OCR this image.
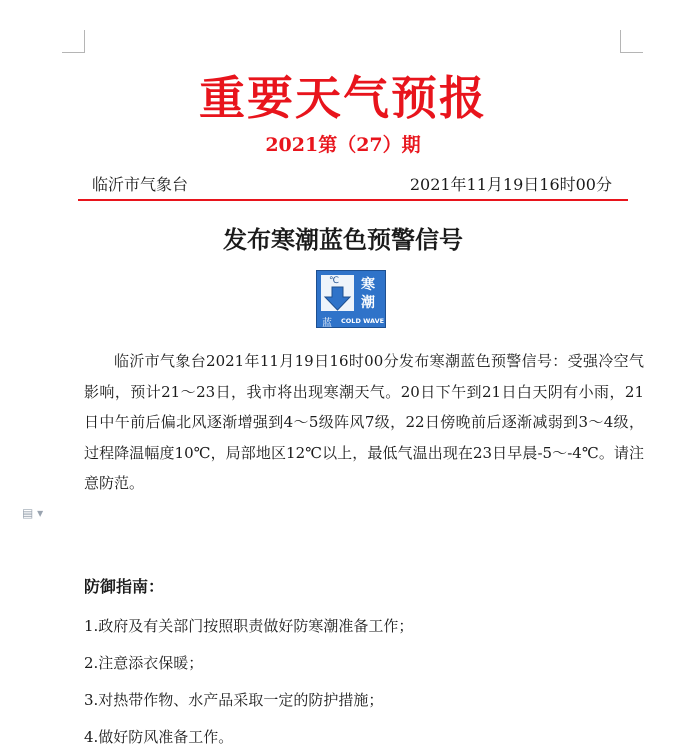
重要天气预报
2021第（27）期
临沂市气象台	2021年11月19日16时00分
发布寒潮蓝色预警信号
℃ 寒
潮
蓝 COLD WAVE

临沂市气象台2021年11月19日16时00分发布寒潮蓝色预警信号：受强冷空气影响，预计21～23日，我市将出现寒潮天气。20日下午到21日白天阴有小雨，21日中午前后偏北风逐渐增强到4～5级阵风7级，22日傍晚前后逐渐减弱到3～4级，过程降温幅度10℃，局部地区12℃以上，最低气温出现在23日早晨-5～-4℃。请注意防范。

▤ ▾
防御指南：
1.政府及有关部门按照职责做好防寒潮准备工作；
2.注意添衣保暖；
3.对热带作物、水产品采取一定的防护措施；
4.做好防风准备工作。
